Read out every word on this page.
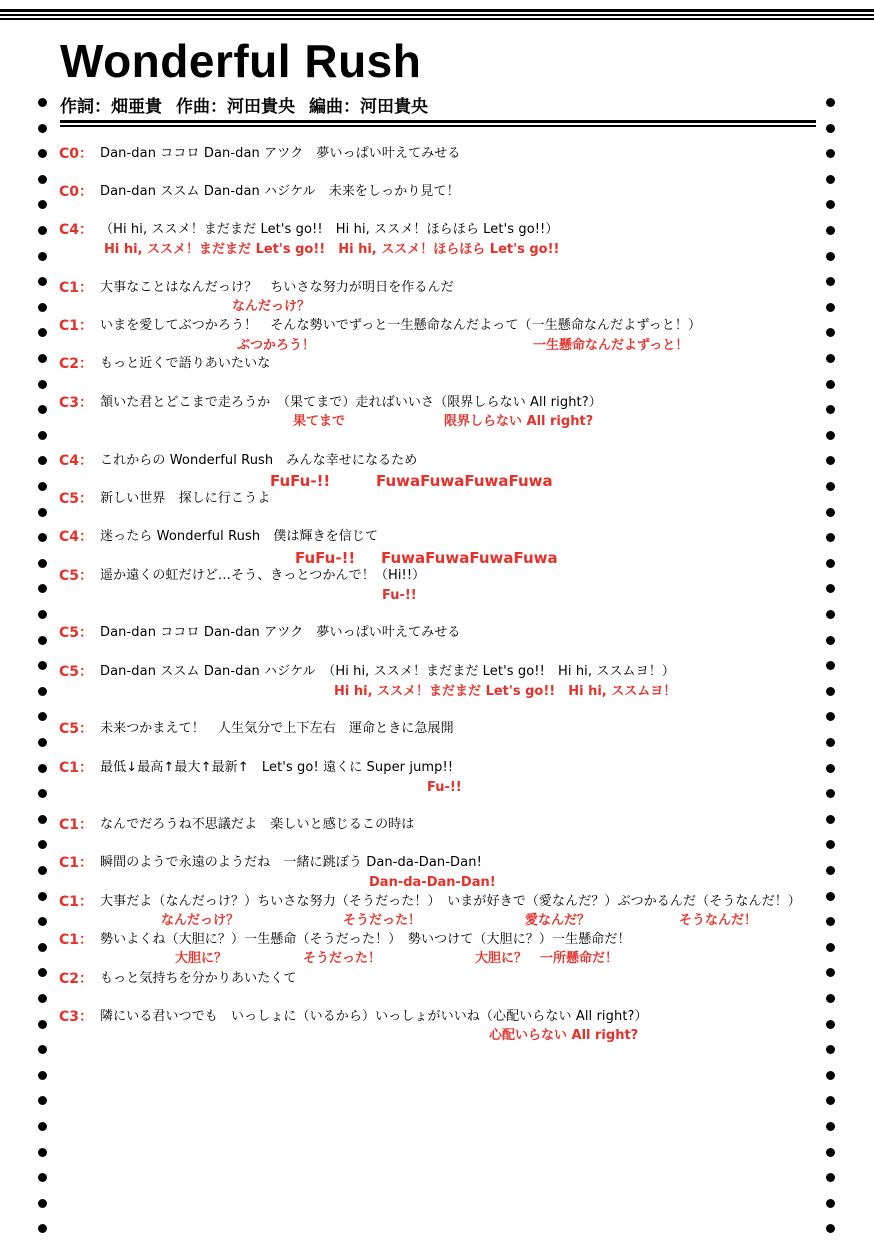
Wonderful Rush
作詞：畑亜貴 作曲：河田貴央 編曲：河田貴央
C0： Dan-dan ココロ Dan-dan アツク　夢いっぱい叶えてみせる
C0： Dan-dan ススム Dan-dan ハジケル　未来をしっかり見て！
C4： （Hi hi, ススメ！まだまだ Let's go!!　Hi hi, ススメ！ほらほら Let's go!!）
Hi hi, ススメ！まだまだ Let's go!!　Hi hi, ススメ！ほらほら Let's go!!
C1： 大事なことはなんだっけ？　ちいさな努力が明日を作るんだ
なんだっけ？
C1： いまを愛してぶつかろう！　そんな勢いでずっと一生懸命なんだよって（一生懸命なんだよずっと！）
ぶつかろう！	一生懸命なんだよずっと！
C2： もっと近くで語りあいたいな
C3： 頷いた君とどこまで走ろうか　（果てまで）走ればいいさ（限界しらない All right?）
果てまで	限界しらない All right?
C4： これからの Wonderful Rush　みんな幸せになるため
FuFu-!!	FuwaFuwaFuwaFuwa
C5： 新しい世界　探しに行こうよ
C4： 迷ったら Wonderful Rush　僕は輝きを信じて
FuFu-!! FuwaFuwaFuwaFuwa
C5： 遥か遠くの虹だけど…そう、きっとつかんで！（Hi!!）
Fu-!!
C5： Dan-dan ココロ Dan-dan アツク　夢いっぱい叶えてみせる
C5： Dan-dan ススム Dan-dan ハジケル　（Hi hi, ススメ！まだまだ Let's go!!　Hi hi, ススムヨ！）
Hi hi, ススメ！まだまだ Let's go!!　Hi hi, ススムヨ！
C5： 未来つかまえて！　人生気分で上下左右　運命ときに急展開
C1： 最低↓最高↑最大↑最新↑　Let's go! 遠くに Super jump!!
Fu-!!
C1： なんでだろうね不思議だよ　楽しいと感じるこの時は
C1： 瞬間のようで永遠のようだね　一緒に跳ぼう Dan-da-Dan-Dan!
Dan-da-Dan-Dan!
C1： 大事だよ（なんだっけ？）ちいさな努力（そうだった！）　いまが好きで（愛なんだ？）ぶつかるんだ（そうなんだ！）
なんだっけ？	そうだった！	愛なんだ？	そうなんだ！
C1： 勢いよくね（大胆に？）一生懸命（そうだった！）　勢いつけて（大胆に？）一生懸命だ！
大胆に？	そうだった！	大胆に？　一所懸命だ！
C2： もっと気持ちを分かりあいたくて
C3： 隣にいる君いつでも　いっしょに（いるから）いっしょがいいね（心配いらない All right?）
心配いらない All right?
